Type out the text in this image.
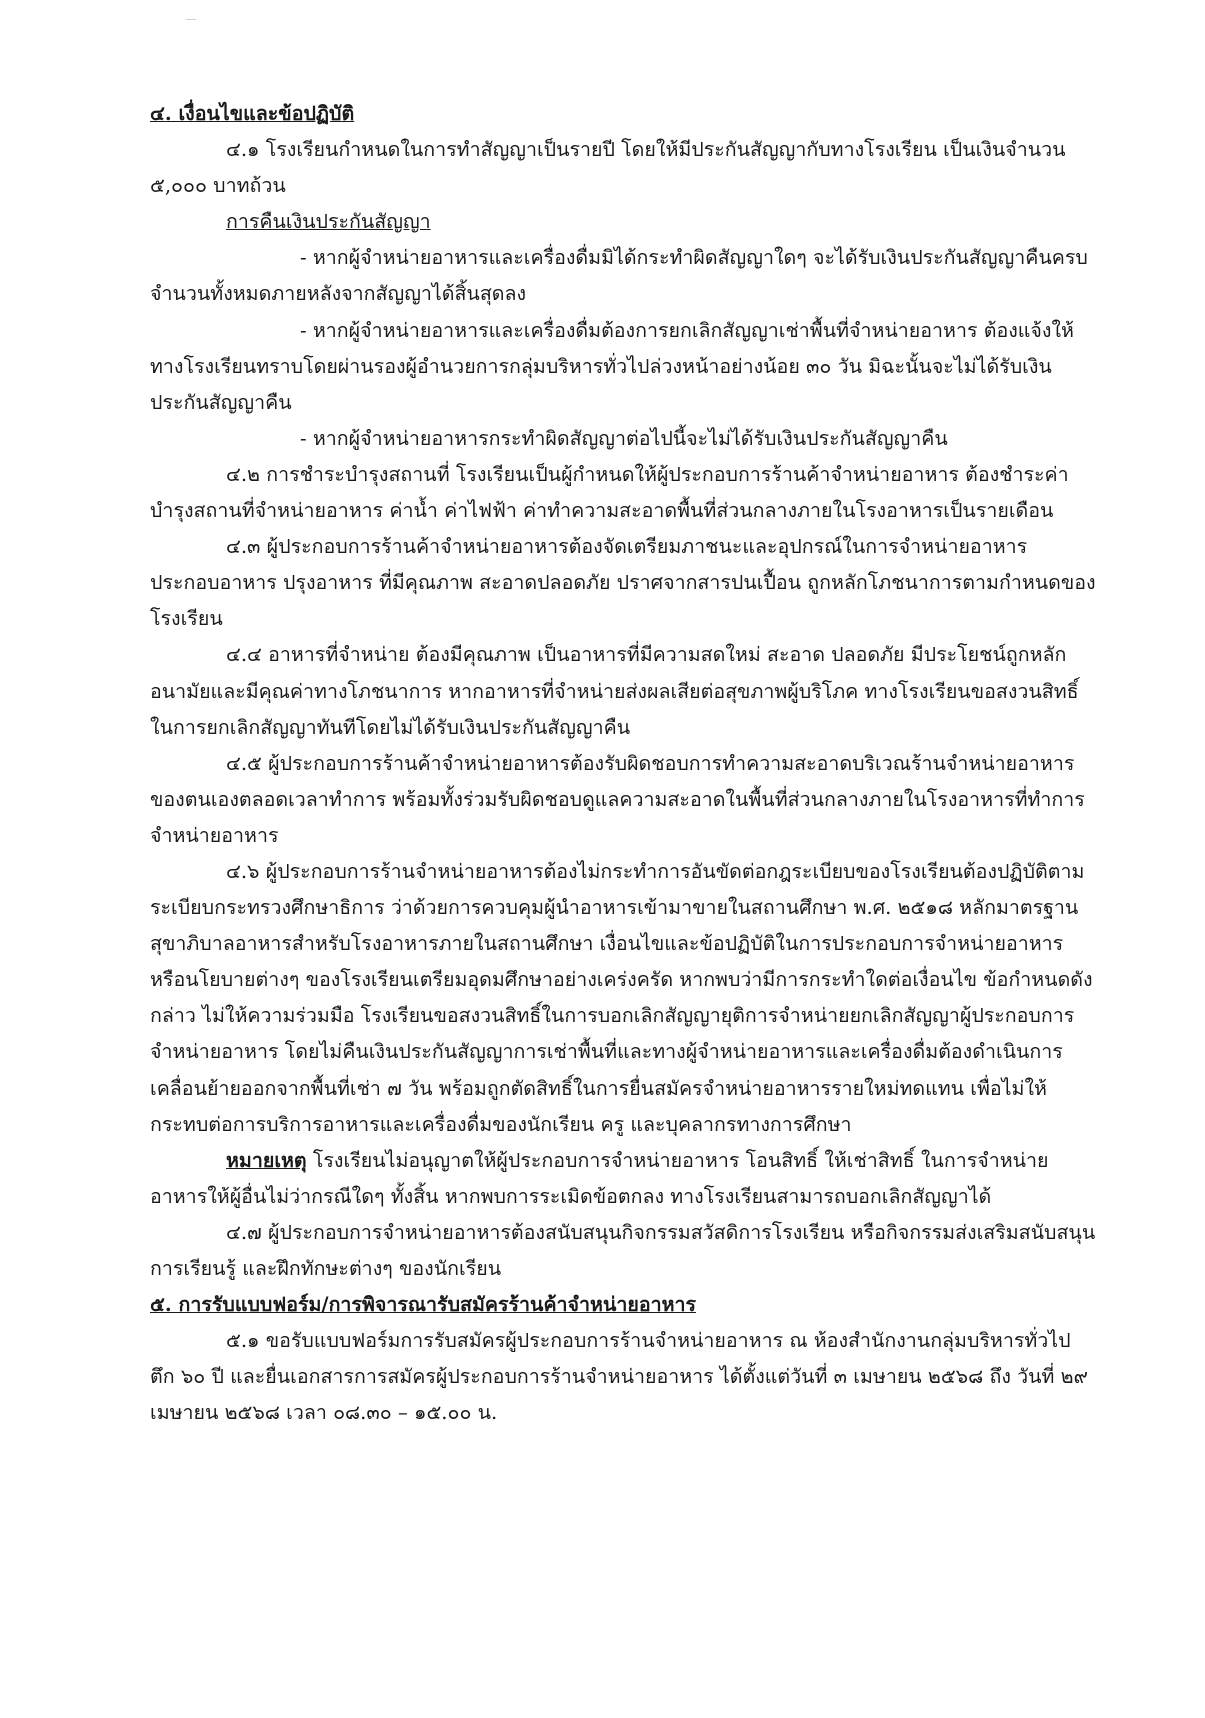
๔. เงื่อนไขและข้อปฏิบัติ

๔.๑ โรงเรียนกำหนดในการทำสัญญาเป็นรายปี โดยให้มีประกันสัญญากับทางโรงเรียน เป็นเงินจำนวน ๕,๐๐๐ บาทถ้วน

การคืนเงินประกันสัญญา

- หากผู้จำหน่ายอาหารและเครื่องดื่มมิได้กระทำผิดสัญญาใดๆ จะได้รับเงินประกันสัญญาคืนครบจำนวนทั้งหมดภายหลังจากสัญญาได้สิ้นสุดลง

- หากผู้จำหน่ายอาหารและเครื่องดื่มต้องการยกเลิกสัญญาเช่าพื้นที่จำหน่ายอาหาร ต้องแจ้งให้ทางโรงเรียนทราบโดยผ่านรองผู้อำนวยการกลุ่มบริหารทั่วไปล่วงหน้าอย่างน้อย ๓๐ วัน มิฉะนั้นจะไม่ได้รับเงินประกันสัญญาคืน

- หากผู้จำหน่ายอาหารกระทำผิดสัญญาต่อไปนี้จะไม่ได้รับเงินประกันสัญญาคืน

๔.๒ การชำระบำรุงสถานที่ โรงเรียนเป็นผู้กำหนดให้ผู้ประกอบการร้านค้าจำหน่ายอาหาร ต้องชำระค่าบำรุงสถานที่จำหน่ายอาหาร ค่าน้ำ ค่าไฟฟ้า ค่าทำความสะอาดพื้นที่ส่วนกลางภายในโรงอาหารเป็นรายเดือน

๔.๓ ผู้ประกอบการร้านค้าจำหน่ายอาหารต้องจัดเตรียมภาชนะและอุปกรณ์ในการจำหน่ายอาหาร ประกอบอาหาร ปรุงอาหาร ที่มีคุณภาพ สะอาดปลอดภัย ปราศจากสารปนเปื้อน ถูกหลักโภชนาการตามกำหนดของโรงเรียน

๔.๔ อาหารที่จำหน่าย ต้องมีคุณภาพ เป็นอาหารที่มีความสดใหม่ สะอาด ปลอดภัย มีประโยชน์ถูกหลักอนามัยและมีคุณค่าทางโภชนาการ หากอาหารที่จำหน่ายส่งผลเสียต่อสุขภาพผู้บริโภค ทางโรงเรียนขอสงวนสิทธิ์ในการยกเลิกสัญญาทันทีโดยไม่ได้รับเงินประกันสัญญาคืน

๔.๕ ผู้ประกอบการร้านค้าจำหน่ายอาหารต้องรับผิดชอบการทำความสะอาดบริเวณร้านจำหน่ายอาหารของตนเองตลอดเวลาทำการ พร้อมทั้งร่วมรับผิดชอบดูแลความสะอาดในพื้นที่ส่วนกลางภายในโรงอาหารที่ทำการจำหน่ายอาหาร

๔.๖ ผู้ประกอบการร้านจำหน่ายอาหารต้องไม่กระทำการอันขัดต่อกฎระเบียบของโรงเรียนต้องปฏิบัติตามระเบียบกระทรวงศึกษาธิการ ว่าด้วยการควบคุมผู้นำอาหารเข้ามาขายในสถานศึกษา พ.ศ. ๒๕๑๘ หลักมาตรฐานสุขาภิบาลอาหารสำหรับโรงอาหารภายในสถานศึกษา เงื่อนไขและข้อปฏิบัติในการประกอบการจำหน่ายอาหาร หรือนโยบายต่างๆ ของโรงเรียนเตรียมอุดมศึกษาอย่างเคร่งครัด หากพบว่ามีการกระทำใดต่อเงื่อนไข ข้อกำหนดดังกล่าว ไม่ให้ความร่วมมือ โรงเรียนขอสงวนสิทธิ์ในการบอกเลิกสัญญายุติการจำหน่ายยกเลิกสัญญาผู้ประกอบการจำหน่ายอาหาร โดยไม่คืนเงินประกันสัญญาการเช่าพื้นที่และทางผู้จำหน่ายอาหารและเครื่องดื่มต้องดำเนินการเคลื่อนย้ายออกจากพื้นที่เช่า ๗ วัน พร้อมถูกตัดสิทธิ์ในการยื่นสมัครจำหน่ายอาหารรายใหม่ทดแทน เพื่อไม่ให้กระทบต่อการบริการอาหารและเครื่องดื่มของนักเรียน ครู และบุคลากรทางการศึกษา

หมายเหตุ โรงเรียนไม่อนุญาตให้ผู้ประกอบการจำหน่ายอาหาร โอนสิทธิ์ ให้เช่าสิทธิ์ ในการจำหน่ายอาหารให้ผู้อื่นไม่ว่ากรณีใดๆ ทั้งสิ้น หากพบการระเมิดข้อตกลง ทางโรงเรียนสามารถบอกเลิกสัญญาได้

๔.๗ ผู้ประกอบการจำหน่ายอาหารต้องสนับสนุนกิจกรรมสวัสดิการโรงเรียน หรือกิจกรรมส่งเสริมสนับสนุนการเรียนรู้ และฝึกทักษะต่างๆ ของนักเรียน

๕. การรับแบบฟอร์ม/การพิจารณารับสมัครร้านค้าจำหน่ายอาหาร

๕.๑ ขอรับแบบฟอร์มการรับสมัครผู้ประกอบการร้านจำหน่ายอาหาร ณ ห้องสำนักงานกลุ่มบริหารทั่วไป ตึก ๖๐ ปี และยื่นเอกสารการสมัครผู้ประกอบการร้านจำหน่ายอาหาร ได้ตั้งแต่วันที่ ๓ เมษายน ๒๕๖๘ ถึง วันที่ ๒๙ เมษายน ๒๕๖๘ เวลา ๐๘.๓๐ – ๑๕.๐๐ น.
